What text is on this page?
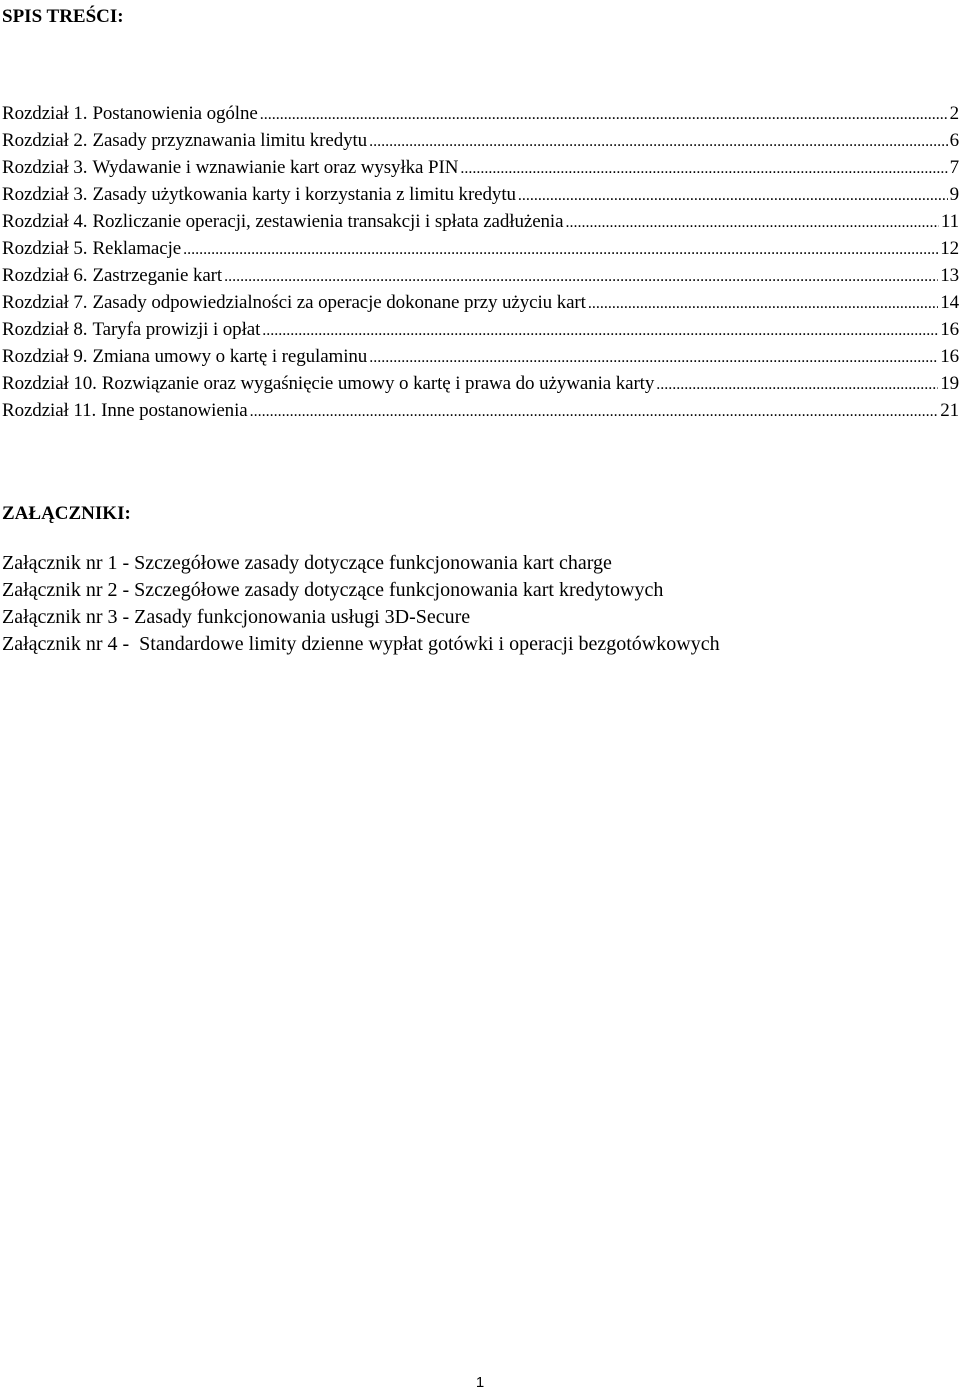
SPIS TREŚCI:
Rozdział 1. Postanowienia ogólne .....	2
Rozdział 2. Zasady przyznawania limitu kredytu .....	6
Rozdział 3. Wydawanie i wznawianie kart oraz wysyłka PIN .....	7
Rozdział 3. Zasady użytkowania karty i korzystania z limitu kredytu .....	9
Rozdział 4. Rozliczanie operacji, zestawienia transakcji i spłata zadłużenia .....	11
Rozdział 5. Reklamacje .....	12
Rozdział 6. Zastrzeganie kart .....	13
Rozdział 7. Zasady odpowiedzialności za operacje dokonane przy użyciu kart .....	14
Rozdział 8. Taryfa prowizji i opłat .....	16
Rozdział 9. Zmiana umowy o kartę i regulaminu .....	16
Rozdział 10. Rozwiązanie oraz wygaśnięcie umowy o kartę i prawa do używania karty .....	19
Rozdział 11. Inne postanowienia .....	21
ZAŁĄCZNIKI:
Załącznik nr 1 - Szczegółowe zasady dotyczące funkcjonowania kart charge
Załącznik nr 2 - Szczegółowe zasady dotyczące funkcjonowania kart kredytowych
Załącznik nr 3 - Zasady funkcjonowania usługi 3D-Secure
Załącznik nr 4 -  Standardowe limity dzienne wypłat gotówki i operacji bezgotówkowych
1
